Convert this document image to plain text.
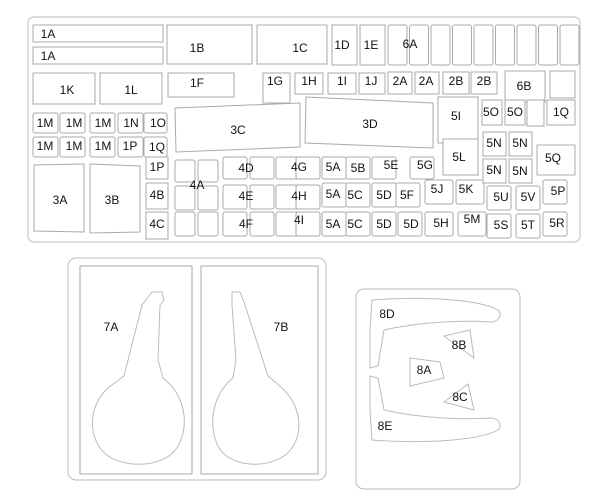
1A
1A
1B	1C 1D 1E 6A
1K	1L	1F	1G 1H 1I 1J 2A 2A 2B 2B 6B
1M 1M 1M 1N 1O	3C	3D
5I 5O 5O 1Q
1M 1M 1M 1P 1Q
5L
5N 5N
5N 5N
5Q
1P
4B
4C
3A	3B
4A
4D
4E
4F
4G
4H
4I
5A
5A
5A
5B
5C
5C
5E 5G
5D 5F
5D 5D
5J 5K
5H 5M
5U 5V 5P
5S 5T 5R
7A	7B
8D
8B
8A
8C
8E
